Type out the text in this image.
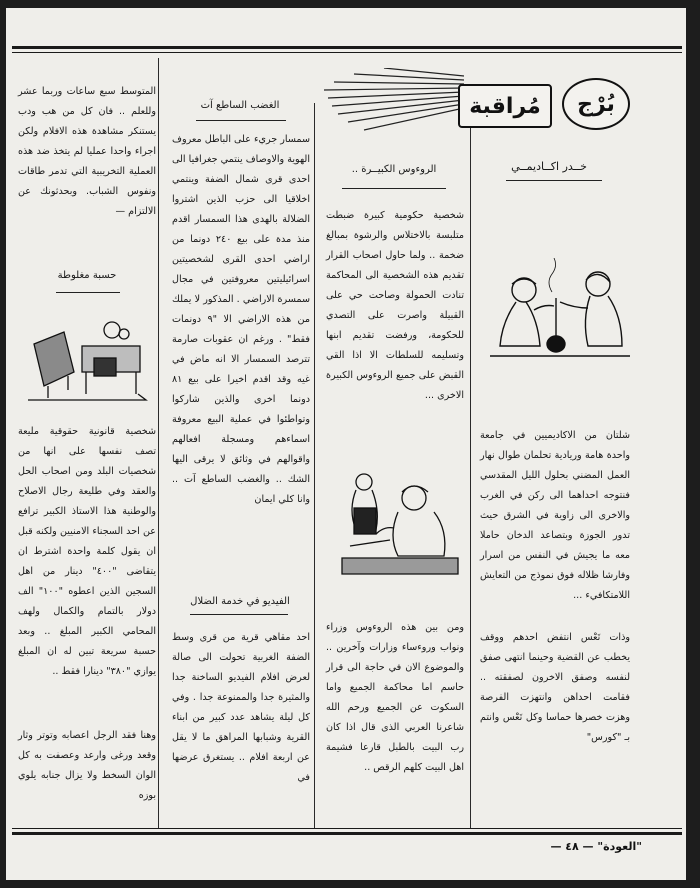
مُراقبة بُرْج
خــدر اكــاديمــي

شلتان من الاكاديميين في جامعة واحدة هامة وريادية تحلمان طوال نهار العمل المضني بحلول الليل المقدسي فنتوجه احداهما الى ركن في الغرب والاخرى الى زاوية في الشرق حيث تدور الجوزة وبتصاعد الدخان حاملا معه ما يجيش في النفس من اسرار وفارشا ظلاله فوق نموذج من التعايش اللامتكافيء ...

وذات تَعْس انتفض احدهم ووقف يخطب عن القضية وحينما انتهى صفق لنفسه وصفق الاخرون لصفقته .. فقامت احداهن وانتهزت الفرصة وهزت خصرها حماسا وكل تَعْس وانتم بـ "كورس"

الروءوس الكبيــرة ..

شخصية حكومية كبيرة ضبطت متلبسة بالاختلاس والرشوة بمبالغ ضخمة .. ولما حاول اصحاب القرار تقديم هذه الشخصية الى المحاكمة تنادت الحمولة وصاحت حي على القبيلة واصرت على التصدي للحكومة، ورفضت تقديم ابنها وتسليمه للسلطات الا اذا القي القبض على جميع الروءوس الكبيرة الاخرى ...

ومن بين هذه الروءوس وزراء ونواب وروءساء وزارات وآخرين .. والموضوع الان في حاجة الى قرار حاسم اما محاكمة الجميع واما السكوت عن الجميع ورحم الله شاعرنا العربي الذى قال اذا كان رب البيت بالطبل قارعا فشيمة اهل البيت كلهم الرقص ..

الغضب الساطع آت

سمسار جريء على الباطل معروف الهوية والاوصاف ينتمي جغرافيا الى احدى قرى شمال الضفة وينتمي اخلاقيا الى حزب الذين اشتروا الضلالة بالهدى هذا السمسار اقدم منذ مدة على بيع ٢٤٠ دونما من اراضي احدى القرى لشخصيتين اسرائيليتين معروفتين في مجال سمسرة الاراضي . المذكور لا يملك من هذه الاراضي الا "٩ دونمات فقط" . ورغم ان عقوبات صارمة تترصد السمسار الا انه ماض في غيه وقد اقدم اخيرا على بيع ٨١ دونما اخرى والذين شاركوا وتواطئوا في عملية البيع معروفة اسماءهم ومسجلة افعالهم واقوالهم في وثائق لا يرقى اليها الشك .. والغضب الساطع آت .. وانا كلي ايمان

الفيديو في خدمة الضلال

احد مقاهي قرية من قرى وسط الضفة الغربية تحولت الى صالة لعرض افلام الفيديو الساخنة جدا والمثيرة جدا والممنوعة جدا . وفي كل ليلة يشاهد عدد كبير من ابناء القرية وشبابها المراهق ما لا يقل عن اربعة افلام .. يستغرق عرضها في

المتوسط سبع ساعات وربما عشر وللعلم .. فان كل من هب ودب يستنكر مشاهدة هذه الافلام ولكن اجراء واحدا عمليا لم يتخذ ضد هذه العملية التخريبية التي تدمر طاقات ونفوس الشباب. وبحدثونك عن الالتزام —

حسبة مغلوطة

شخصية قانونية حقوقية مليعة تصف نفسها على انها من شخصيات البلد ومن اصحاب الحل والعقد وفي طليعة رجال الاصلاح والوطنية هذا الاستاذ الكبير ترافع عن احد السجناء الامنيين ولكنه قبل ان يقول كلمة واحدة اشترط ان يتقاضى "٤٠٠" دينار من اهل السجين الذين اعطوه "١٠٠" الف دولار بالتمام والكمال ولهف المحامي الكبير المبلغ .. وبعد حسبة سريعة تبين له ان المبلغ يوازي "٣٨٠" دينارا فقط ..

وهنا فقد الرجل اعصابه وتوتر وثار وقعد ورغى وارعد وعصفت به كل الوان السخط ولا يزال جنابه يلوي بوزه

"العودة" — ٤٨ —
